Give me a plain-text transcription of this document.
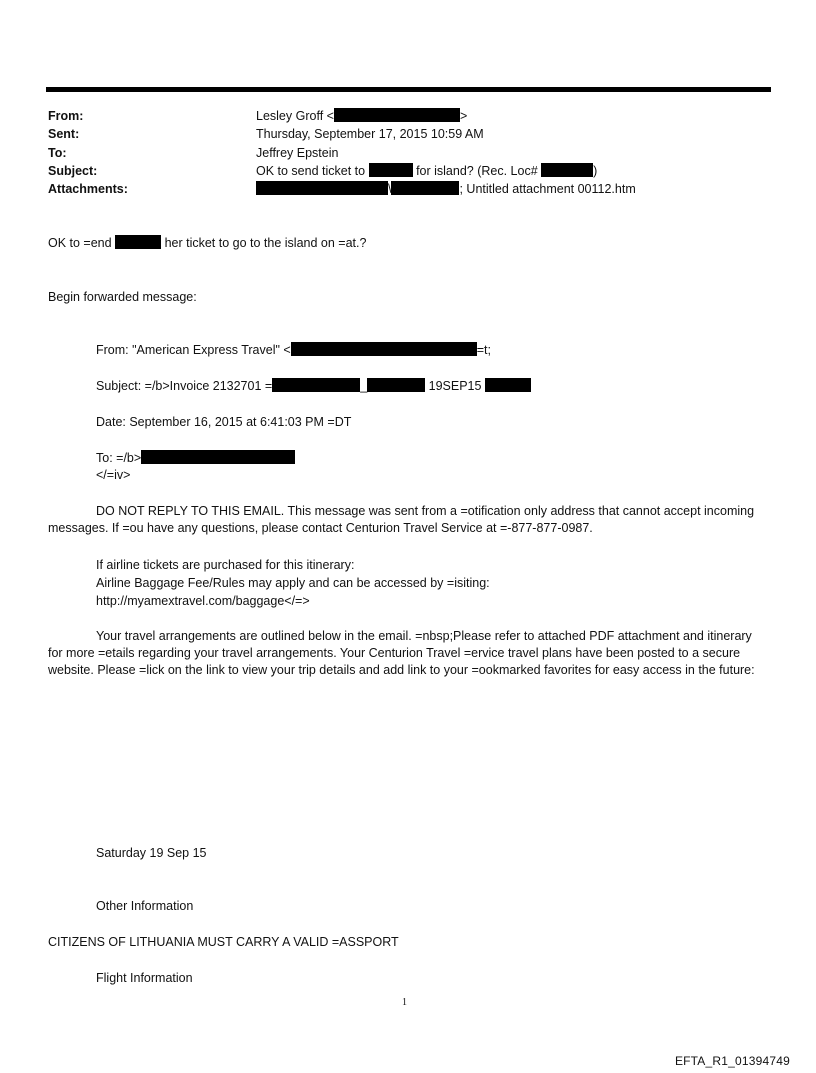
From:	Lesley Groff <	>
Sent:	Thursday, September 17, 2015 10:59 AM
To:	Jeffrey Epstein
Subject:	OK to send ticket to	for island? (Rec. Loc#	)
Attachments:	\	; Untitled attachment 00112.htm
OK to =end	her ticket to go to the island on =at.?
Begin forwarded message:
From: "American Express Travel" <	=t;
Subject: =/b>Invoice 2132701 =	_	19SEP15
Date: September 16, 2015 at 6:41:03 PM =DT
To: =/b>
</=iv>
DO NOT REPLY TO THIS EMAIL. This message was sent from a =otification only address that cannot accept incoming messages. If =ou have any questions, please contact Centurion Travel Service at =-877-877-0987.
If airline tickets are purchased for this itinerary:
Airline Baggage Fee/Rules may apply and can be accessed by =isiting:
http://myamextravel.com/baggage</=>
Your travel arrangements are outlined below in the email. =nbsp;Please refer to attached PDF attachment and itinerary for more =etails regarding your travel arrangements. Your Centurion Travel =ervice travel plans have been posted to a secure website. Please =lick on the link to view your trip details and add link to your =ookmarked favorites for easy access in the future:
Saturday 19 Sep 15
Other Information
CITIZENS OF LITHUANIA MUST CARRY A VALID =ASSPORT
Flight Information
1
EFTA_R1_01394749
